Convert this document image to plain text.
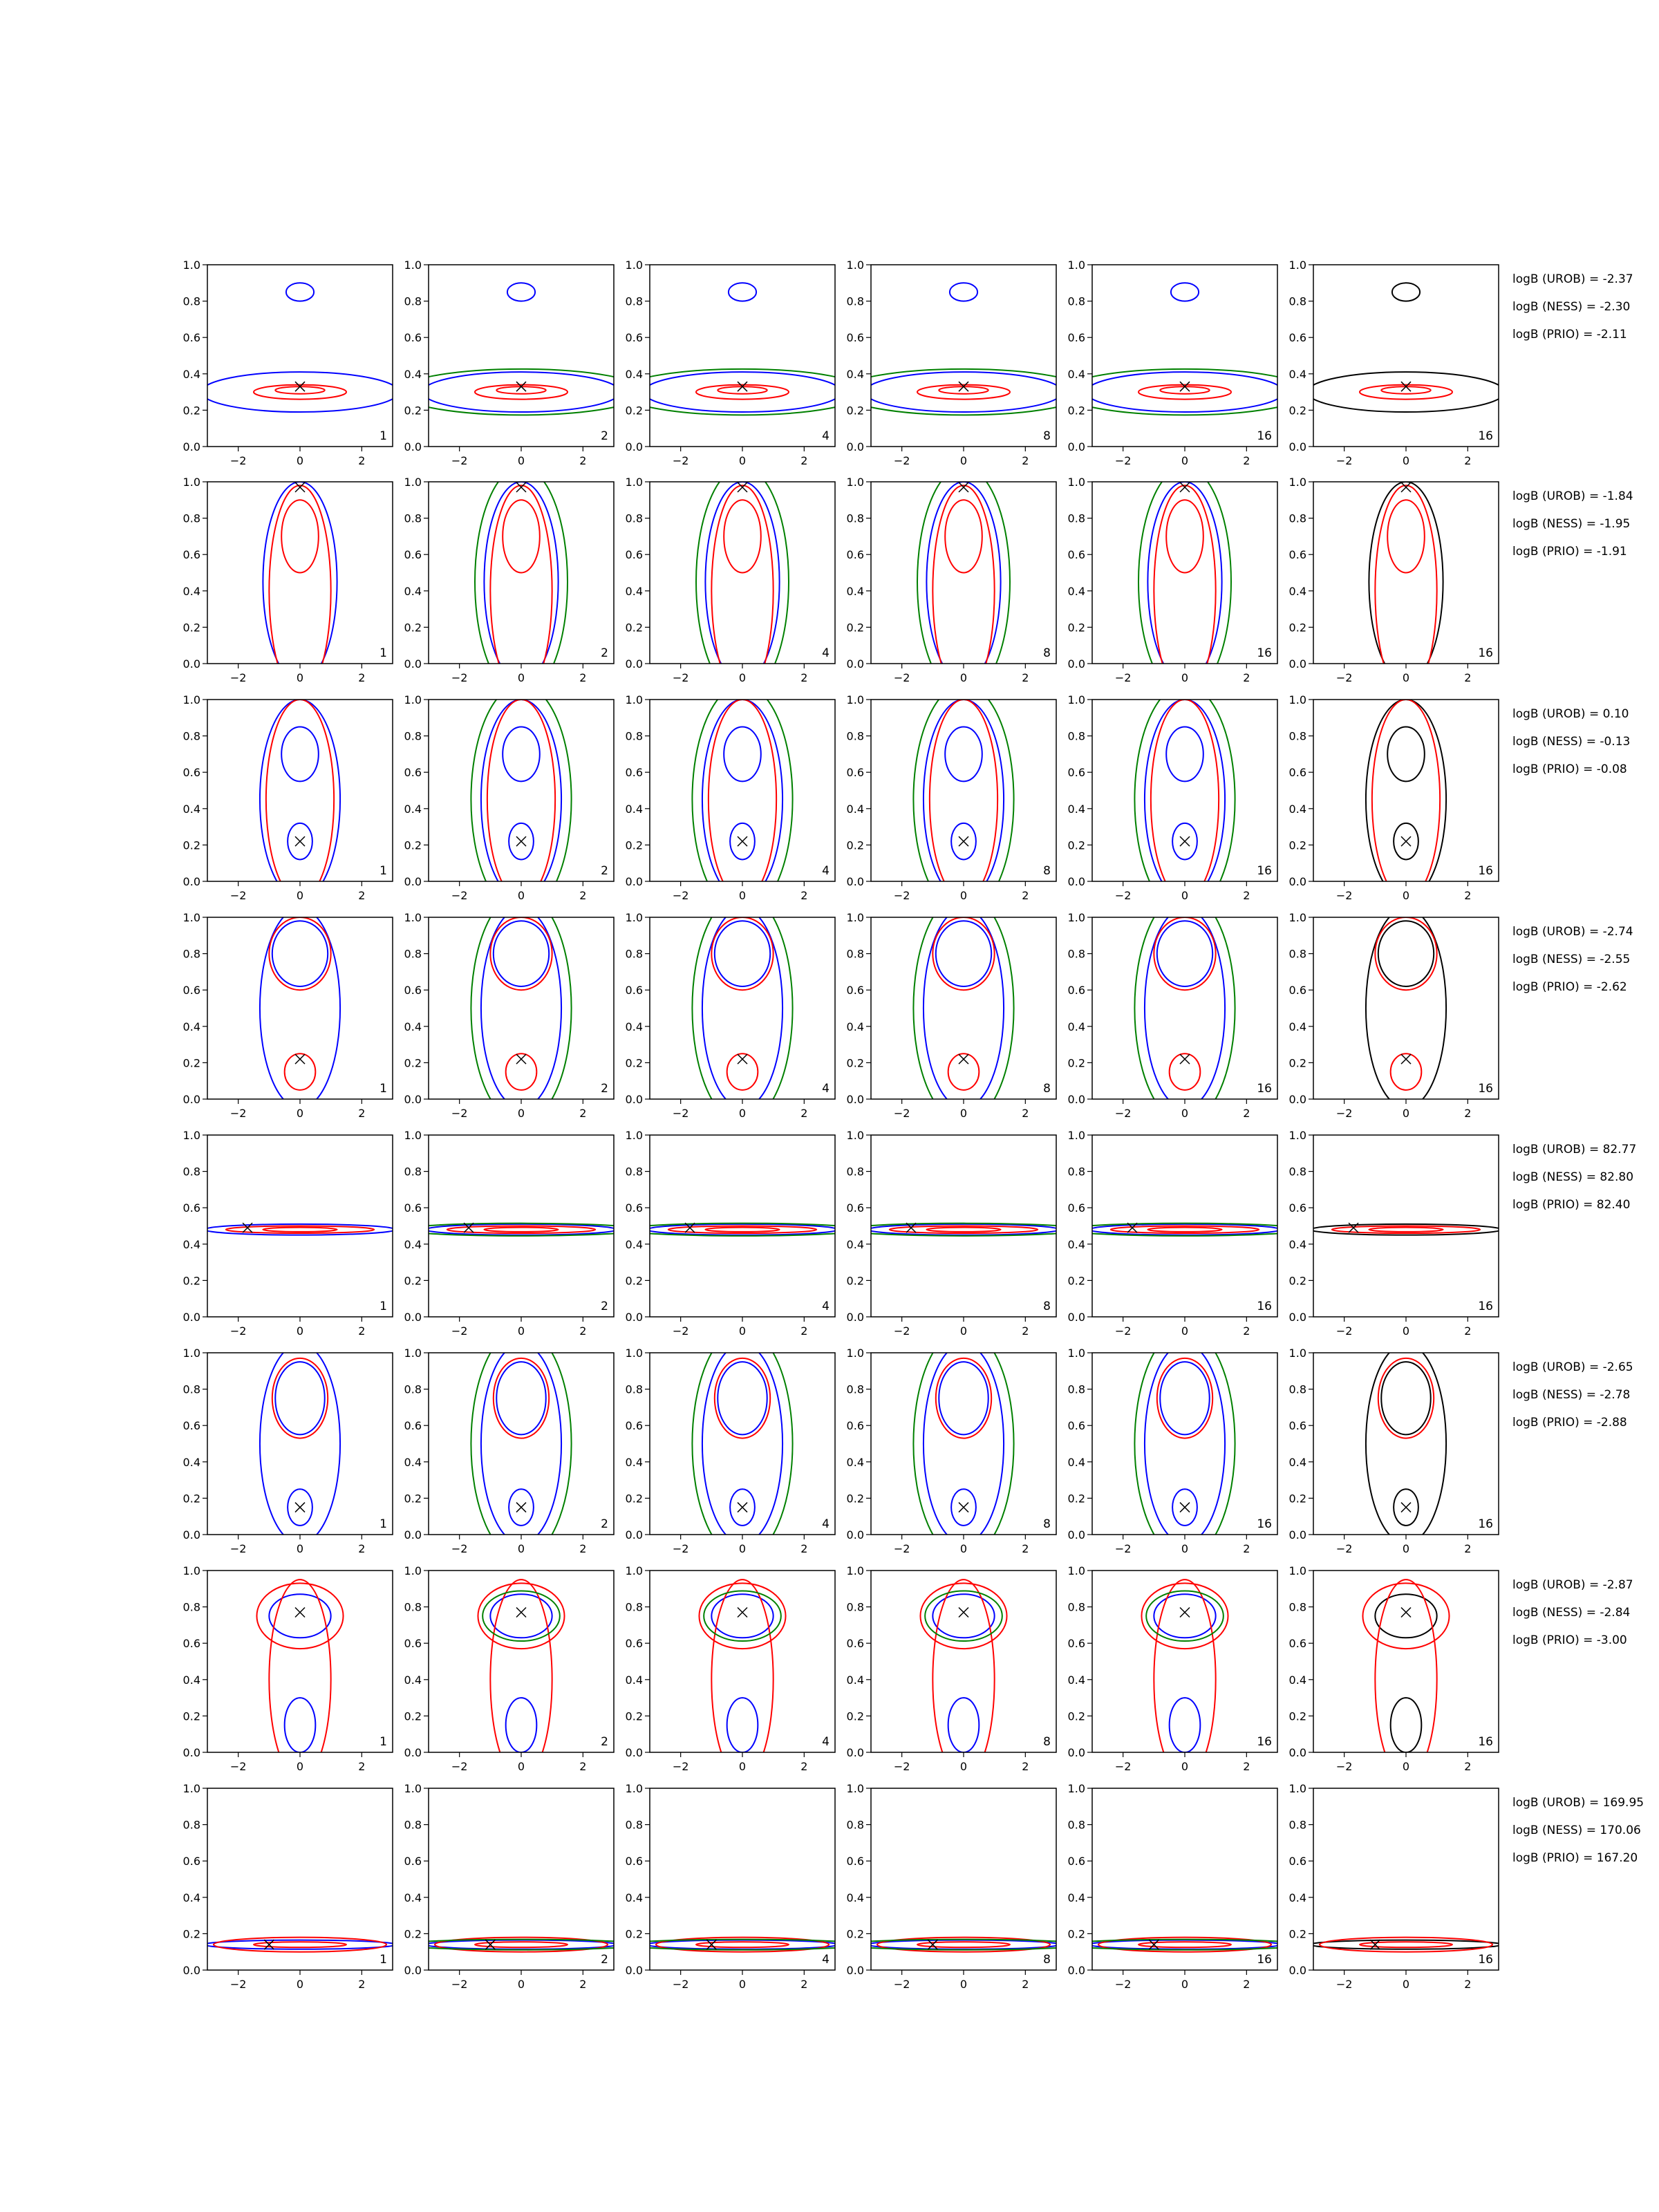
−2	0	2
0.0
0.2
0.4
0.6
0.8
1.0
1
−2	0	2
0.0
0.2
0.4
0.6
0.8
1.0
2
−2	0	2
0.0
0.2
0.4
0.6
0.8
1.0
4
−2	0	2
0.0
0.2
0.4
0.6
0.8
1.0
8
−2	0	2
0.0
0.2
0.4
0.6
0.8
1.0
16
−2	0	2
0.0
0.2
0.4
0.6
0.8
1.0
16
logB (UROB) = -2.37
logB (NESS) = -2.30
logB (PRIO) = -2.11
−2	0	2
0.0
0.2
0.4
0.6
0.8
1.0
1
−2	0	2
0.0
0.2
0.4
0.6
0.8
1.0
2
−2	0	2
0.0
0.2
0.4
0.6
0.8
1.0
4
−2	0	2
0.0
0.2
0.4
0.6
0.8
1.0
8
−2	0	2
0.0
0.2
0.4
0.6
0.8
1.0
16
−2	0	2
0.0
0.2
0.4
0.6
0.8
1.0
16
logB (UROB) = -1.84
logB (NESS) = -1.95
logB (PRIO) = -1.91
−2	0	2
0.0
0.2
0.4
0.6
0.8
1.0
1
−2	0	2
0.0
0.2
0.4
0.6
0.8
1.0
2
−2	0	2
0.0
0.2
0.4
0.6
0.8
1.0
4
−2	0	2
0.0
0.2
0.4
0.6
0.8
1.0
8
−2	0	2
0.0
0.2
0.4
0.6
0.8
1.0
16
−2	0	2
0.0
0.2
0.4
0.6
0.8
1.0
16
logB (UROB) = 0.10
logB (NESS) = -0.13
logB (PRIO) = -0.08
−2	0	2
0.0
0.2
0.4
0.6
0.8
1.0
1
−2	0	2
0.0
0.2
0.4
0.6
0.8
1.0
2
−2	0	2
0.0
0.2
0.4
0.6
0.8
1.0
4
−2	0	2
0.0
0.2
0.4
0.6
0.8
1.0
8
−2	0	2
0.0
0.2
0.4
0.6
0.8
1.0
16
−2	0	2
0.0
0.2
0.4
0.6
0.8
1.0
16
logB (UROB) = -2.74
logB (NESS) = -2.55
logB (PRIO) = -2.62
−2	0	2
0.0
0.2
0.4
0.6
0.8
1.0
1
−2	0	2
0.0
0.2
0.4
0.6
0.8
1.0
2
−2	0	2
0.0
0.2
0.4
0.6
0.8
1.0
4
−2	0	2
0.0
0.2
0.4
0.6
0.8
1.0
8
−2	0	2
0.0
0.2
0.4
0.6
0.8
1.0
16
−2	0	2
0.0
0.2
0.4
0.6
0.8
1.0
16
logB (UROB) = 82.77
logB (NESS) = 82.80
logB (PRIO) = 82.40
−2	0	2
0.0
0.2
0.4
0.6
0.8
1.0
1
−2	0	2
0.0
0.2
0.4
0.6
0.8
1.0
2
−2	0	2
0.0
0.2
0.4
0.6
0.8
1.0
4
−2	0	2
0.0
0.2
0.4
0.6
0.8
1.0
8
−2	0	2
0.0
0.2
0.4
0.6
0.8
1.0
16
−2	0	2
0.0
0.2
0.4
0.6
0.8
1.0
16
logB (UROB) = -2.65
logB (NESS) = -2.78
logB (PRIO) = -2.88
−2	0	2
0.0
0.2
0.4
0.6
0.8
1.0
1
−2	0	2
0.0
0.2
0.4
0.6
0.8
1.0
2
−2	0	2
0.0
0.2
0.4
0.6
0.8
1.0
4
−2	0	2
0.0
0.2
0.4
0.6
0.8
1.0
8
−2	0	2
0.0
0.2
0.4
0.6
0.8
1.0
16
−2	0	2
0.0
0.2
0.4
0.6
0.8
1.0
16
logB (UROB) = -2.87
logB (NESS) = -2.84
logB (PRIO) = -3.00
−2	0	2
0.0
0.2
0.4
0.6
0.8
1.0
1
−2	0	2
0.0
0.2
0.4
0.6
0.8
1.0
2
−2	0	2
0.0
0.2
0.4
0.6
0.8
1.0
4
−2	0	2
0.0
0.2
0.4
0.6
0.8
1.0
8
−2	0	2
0.0
0.2
0.4
0.6
0.8
1.0
16
−2	0	2
0.0
0.2
0.4
0.6
0.8
1.0
16
logB (UROB) = 169.95
logB (NESS) = 170.06
logB (PRIO) = 167.20
